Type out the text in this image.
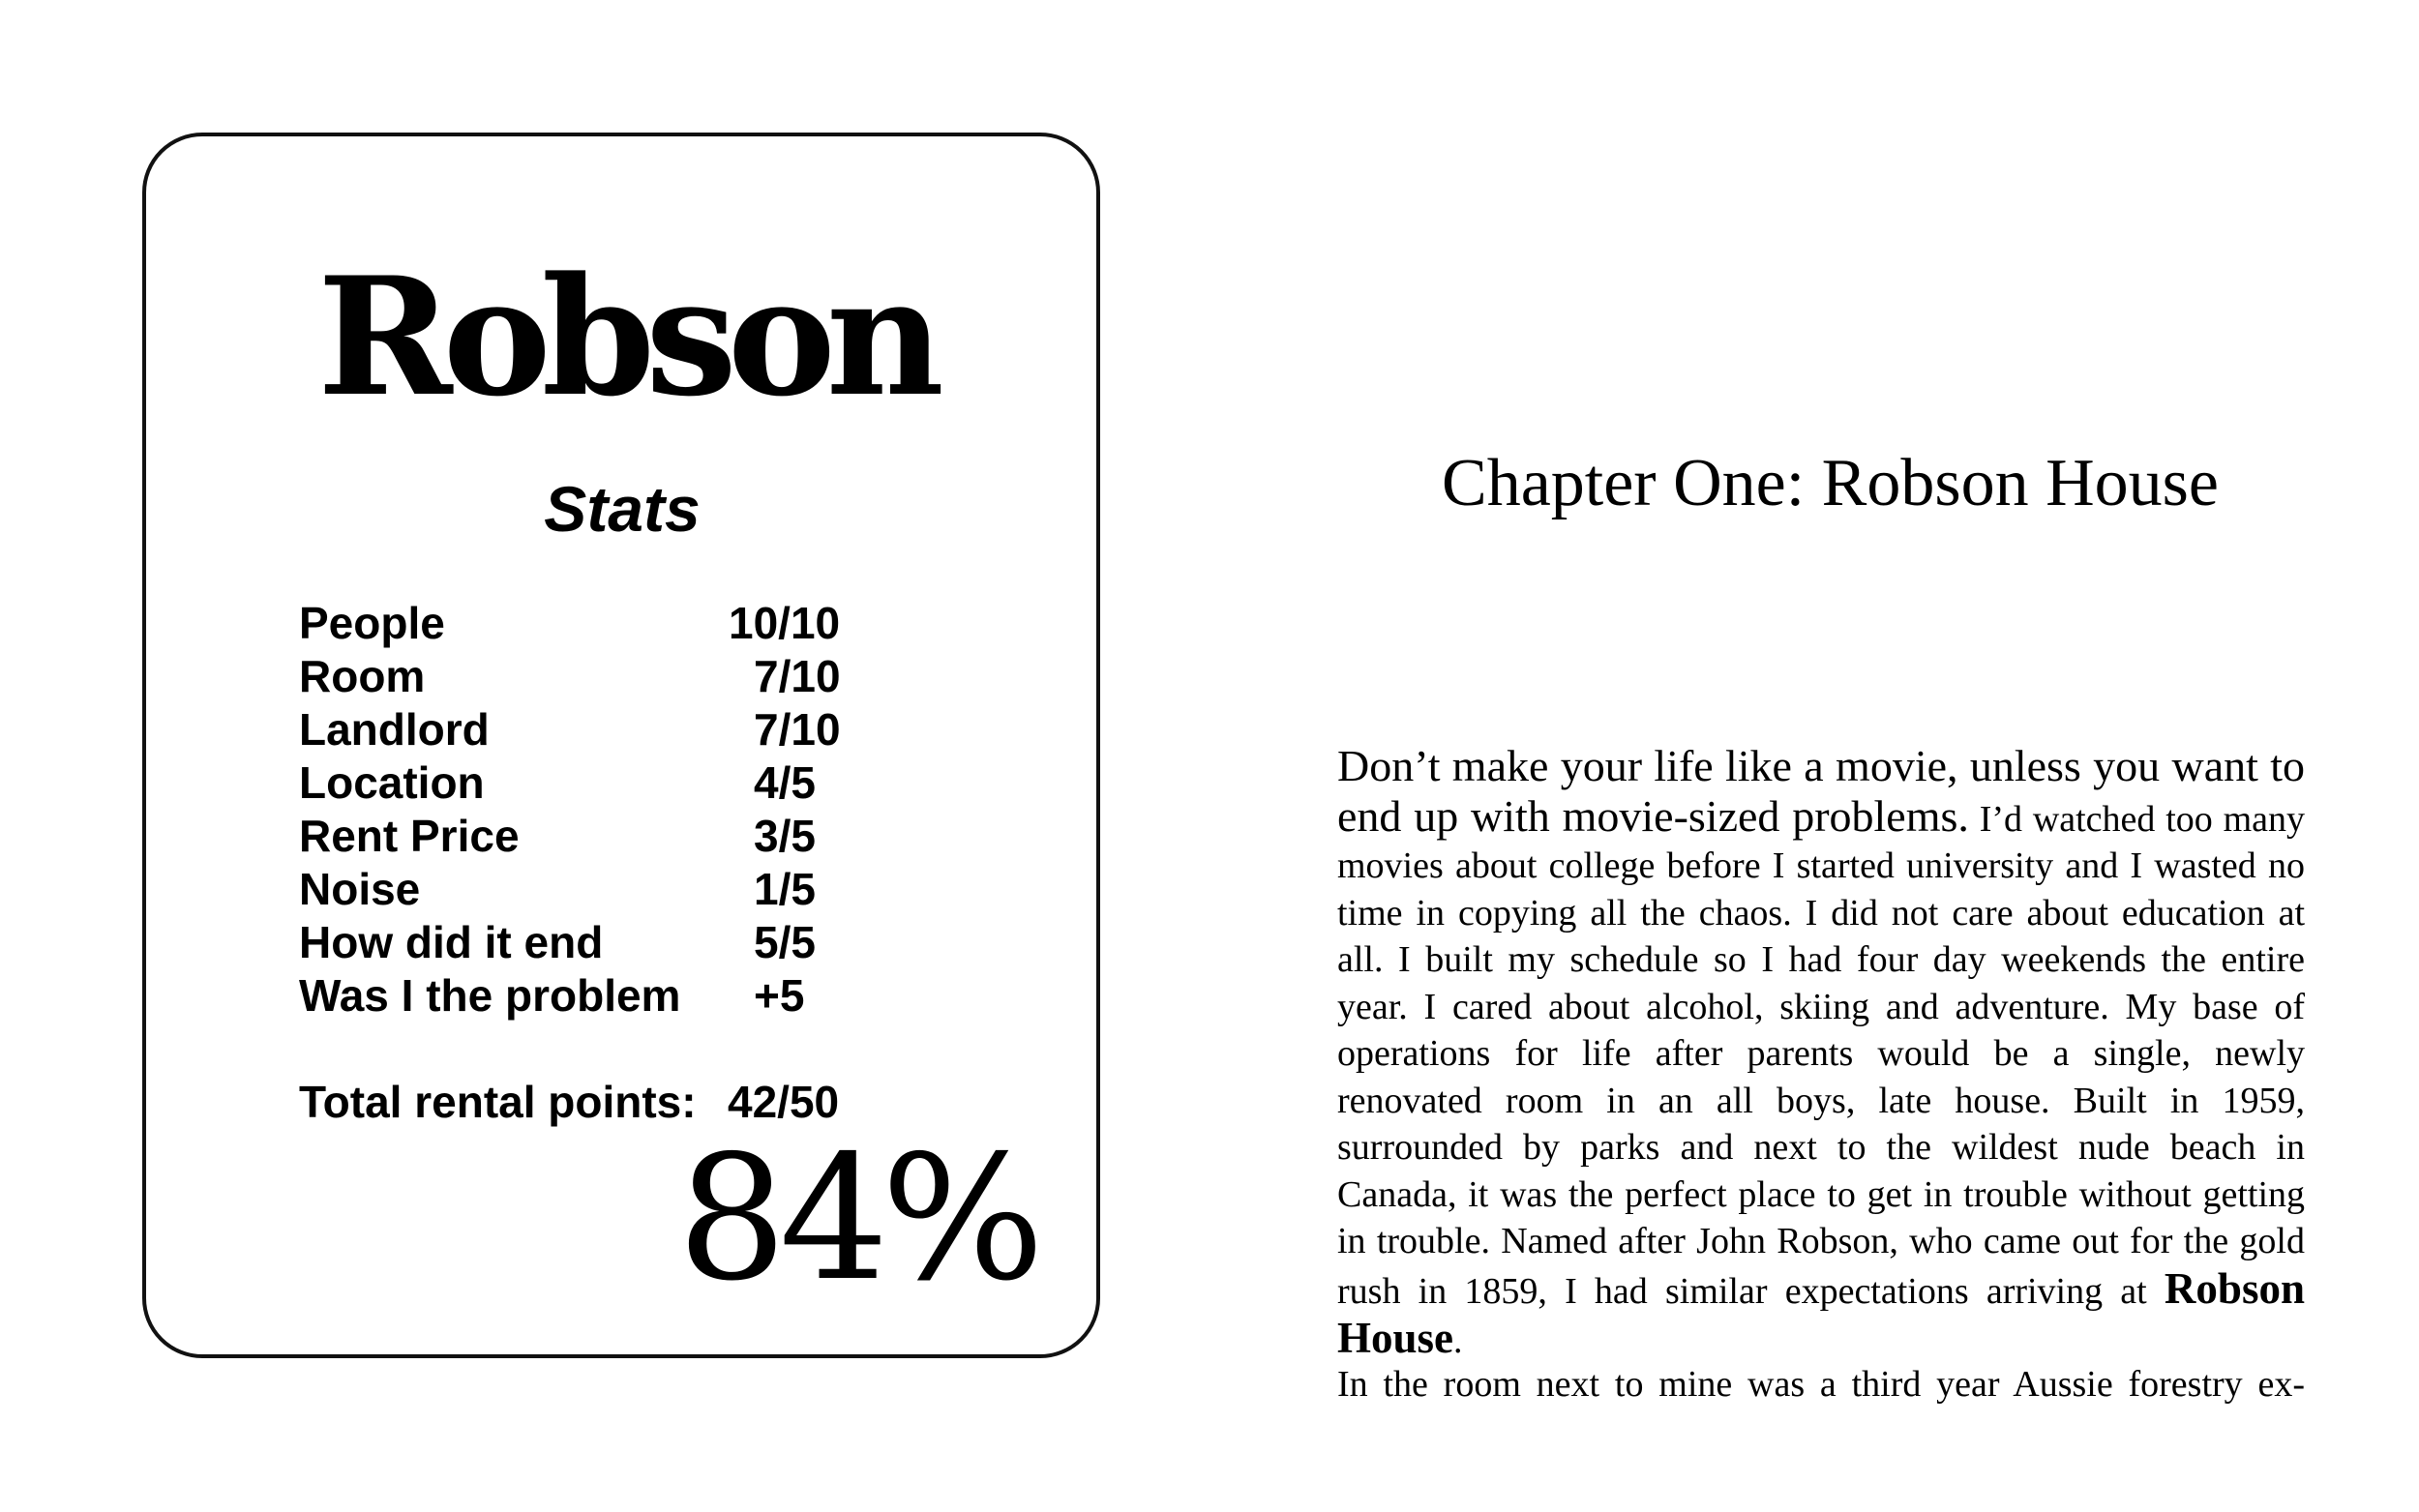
Robson
Stats
People	10/10
Room	7/10
Landlord	7/10
Location	4/5
Rent Price	3/5
Noise	1/5
How did it end	5/5
Was I the problem +5
Total rental points: 42/50
84%
Chapter One: Robson House
Don’t make your life like a movie, unless you want to end up with movie-sized problems. I’d watched too many movies about college before I started university and I wasted no time in copying all the chaos. I did not care about education at all. I built my schedule so I had four day weekends the entire year. I cared about alcohol, skiing and adventure. My base of operations for life after parents would be a single, newly renovated room in an all boys, late house. Built in 1959, surrounded by parks and next to the wildest nude beach in Canada, it was the perfect place to get in trouble without getting in trouble. Named after John Robson, who came out for the gold rush in 1859, I had similar expectations arriving at Robson House.
In the room next to mine was a third year Aussie forestry ex-
